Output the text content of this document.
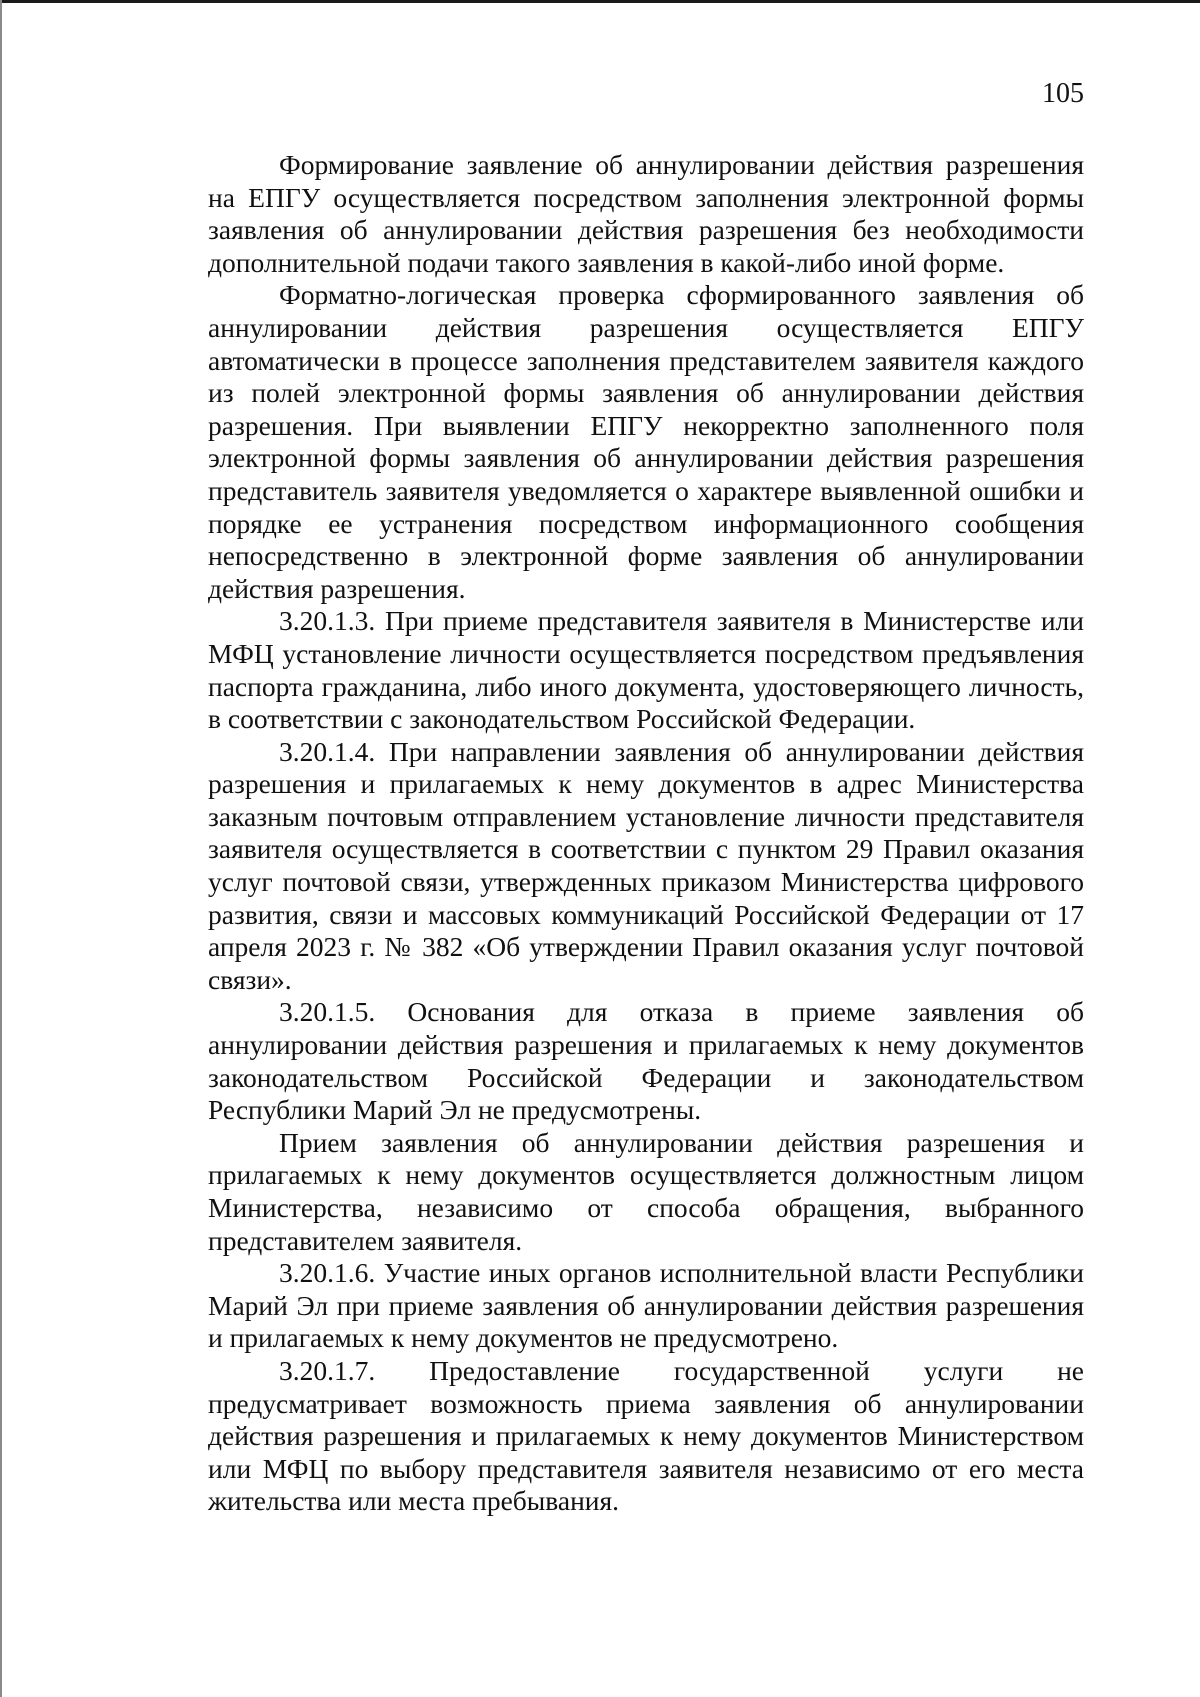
105

Формирование заявление об аннулировании действия разрешения на ЕПГУ осуществляется посредством заполнения электронной формы заявления об аннулировании действия разрешения без необходимости дополнительной подачи такого заявления в какой-либо иной форме.

Форматно-логическая проверка сформированного заявления об аннулировании действия разрешения осуществляется ЕПГУ автоматически в процессе заполнения представителем заявителя каждого из полей электронной формы заявления об аннулировании действия разрешения. При выявлении ЕПГУ некорректно заполненного поля электронной формы заявления об аннулировании действия разрешения представитель заявителя уведомляется о характере выявленной ошибки и порядке ее устранения посредством информационного сообщения непосредственно в электронной форме заявления об аннулировании действия разрешения.

3.20.1.3. При приеме представителя заявителя в Министерстве или МФЦ установление личности осуществляется посредством предъявления паспорта гражданина, либо иного документа, удостоверяющего личность, в соответствии с законодательством Российской Федерации.

3.20.1.4. При направлении заявления об аннулировании действия разрешения и прилагаемых к нему документов в адрес Министерства заказным почтовым отправлением установление личности представителя заявителя осуществляется в соответствии с пунктом 29 Правил оказания услуг почтовой связи, утвержденных приказом Министерства цифрового развития, связи и массовых коммуникаций Российской Федерации от 17 апреля 2023 г. № 382 «Об утверждении Правил оказания услуг почтовой связи».

3.20.1.5. Основания для отказа в приеме заявления об аннулировании действия разрешения и прилагаемых к нему документов законодательством Российской Федерации и законодательством Республики Марий Эл не предусмотрены.

Прием заявления об аннулировании действия разрешения и прилагаемых к нему документов осуществляется должностным лицом Министерства, независимо от способа обращения, выбранного представителем заявителя.

3.20.1.6. Участие иных органов исполнительной власти Республики Марий Эл при приеме заявления об аннулировании действия разрешения и прилагаемых к нему документов не предусмотрено.

3.20.1.7. Предоставление государственной услуги не предусматривает возможность приема заявления об аннулировании действия разрешения и прилагаемых к нему документов Министерством или МФЦ по выбору представителя заявителя независимо от его места жительства или места пребывания.
